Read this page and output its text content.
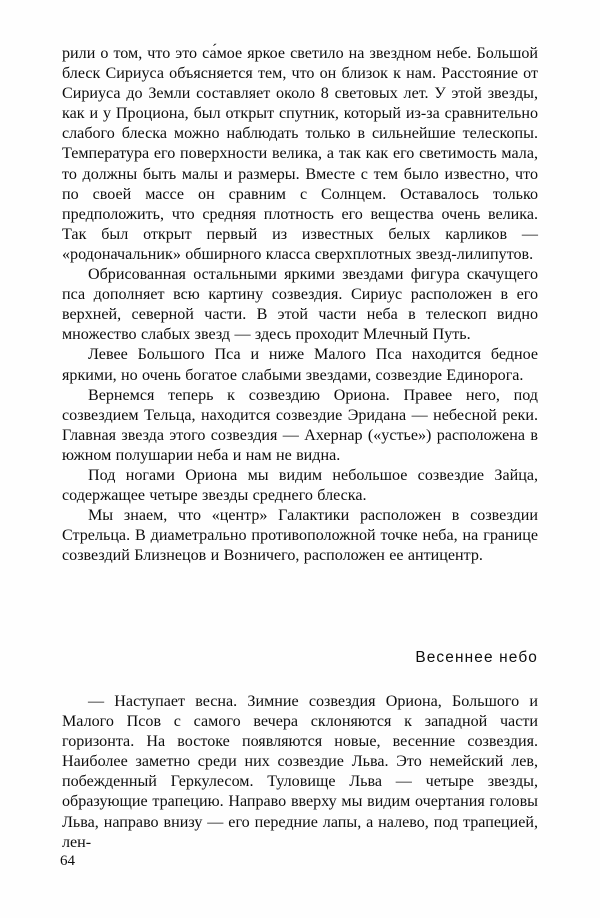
рили о том, что это са́мое яркое светило на звездном небе. Большой блеск Сириуса объясняется тем, что он близок к нам. Расстояние от Сириуса до Земли составляет около 8 световых лет. У этой звезды, как и у Проциона, был открыт спутник, который из-за сравнительно слабого блеска можно наблюдать только в сильнейшие телескопы. Температура его поверхности велика, а так как его светимость мала, то должны быть малы и размеры. Вместе с тем было известно, что по своей массе он сравним с Солнцем. Оставалось только предположить, что средняя плотность его вещества очень велика. Так был открыт первый из известных белых карликов — «родоначальник» обширного класса сверхплотных звезд-лилипутов.

Обрисованная остальными яркими звездами фигура скачущего пса дополняет всю картину созвездия. Сириус расположен в его верхней, северной части. В этой части неба в телескоп видно множество слабых звезд — здесь проходит Млечный Путь.

Левее Большого Пса и ниже Малого Пса находится бедное яркими, но очень богатое слабыми звездами, созвездие Единорога.

Вернемся теперь к созвездию Ориона. Правее него, под созвездием Тельца, находится созвездие Эридана — небесной реки. Главная звезда этого созвездия — Ахернар («устье») расположена в южном полушарии неба и нам не видна.

Под ногами Ориона мы видим небольшое созвездие Зайца, содержащее четыре звезды среднего блеска.

Мы знаем, что «центр» Галактики расположен в созвездии Стрельца. В диаметрально противоположной точке неба, на границе созвездий Близнецов и Возничего, расположен ее антицентр.

Весеннее небо

— Наступает весна. Зимние созвездия Ориона, Большого и Малого Псов с самого вечера склоняются к западной части горизонта. На востоке появляются новые, весенние созвездия. Наиболее заметно среди них созвездие Льва. Это немейский лев, побежденный Геркулесом. Туловище Льва — четыре звезды, образующие трапецию. Направо вверху мы видим очертания головы Льва, направо внизу — его передние лапы, а налево, под трапецией, лен-

64
